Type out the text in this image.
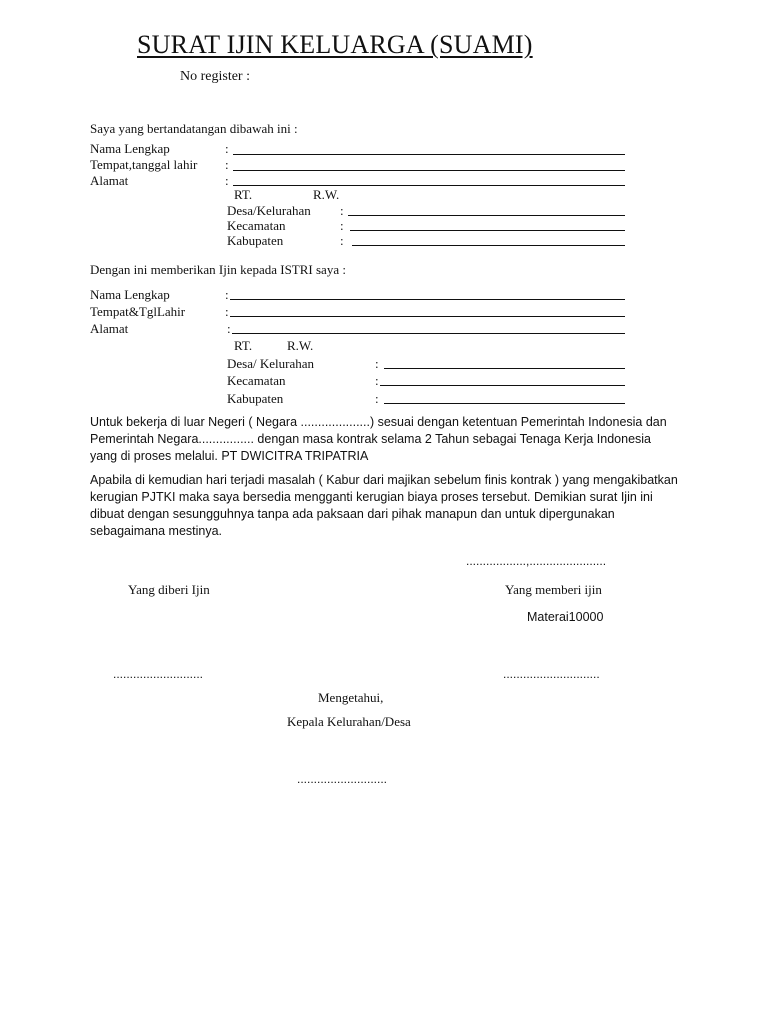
SURAT IJIN KELUARGA (SUAMI)
No register :
Saya yang bertandatangan dibawah ini :
Nama Lengkap	:
Tempat,tanggal lahir :
Alamat	:
RT.	R.W.
Desa/Kelurahan :
Kecamatan	:
Kabupaten	:
Dengan ini memberikan Ijin kepada ISTRI saya :
Nama Lengkap	:
Tempat&TglLahir	:
Alamat	:
RT.	R.W.
Desa/ Kelurahan	:
Kecamatan	:
Kabupaten	:
Untuk bekerja di luar Negeri ( Negara ....................) sesuai dengan ketentuan Pemerintah Indonesia dan Pemerintah Negara................ dengan masa kontrak selama 2 Tahun sebagai Tenaga Kerja Indonesia yang di proses melalui. PT DWICITRA TRIPATRIA
Apabila di kemudian hari terjadi masalah ( Kabur dari majikan sebelum finis kontrak ) yang mengakibatkan kerugian PJTKI maka saya bersedia mengganti kerugian biaya proses tersebut. Demikian surat Ijin ini dibuat dengan sesungguhnya tanpa ada paksaan dari pihak manapun dan untuk dipergunakan sebagaimana mestinya.
..................,.......................
Yang diberi Ijin	Yang memberi ijin
Materai10000
...........................	.............................
Mengetahui,
Kepala Kelurahan/Desa
...........................
